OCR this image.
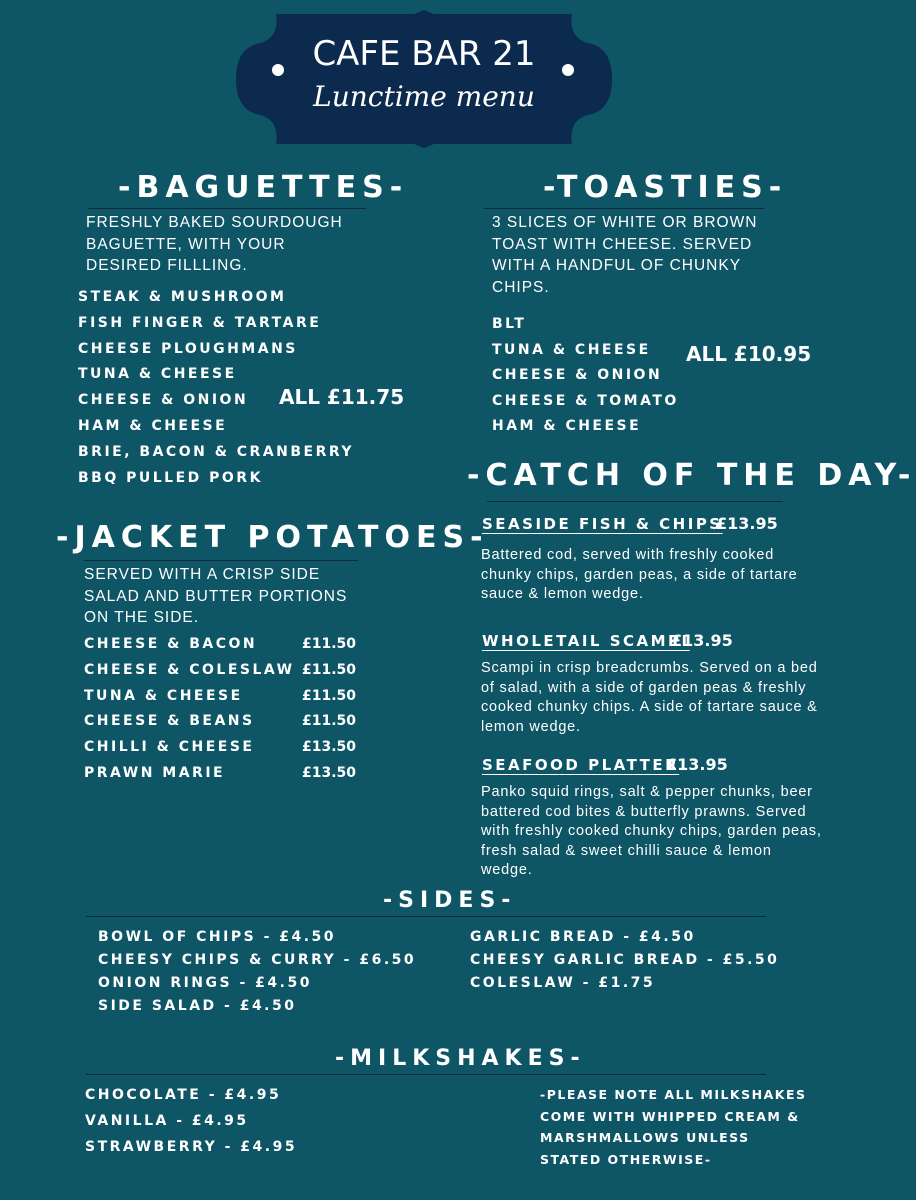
CAFE BAR 21
Lunctime menu
-BAGUETTES-
FRESHLY BAKED SOURDOUGH BAGUETTE, WITH YOUR DESIRED FILLLING.
STEAK & MUSHROOM
FISH FINGER & TARTARE
CHEESE PLOUGHMANS
TUNA & CHEESE
CHEESE & ONION
HAM & CHEESE
BRIE, BACON & CRANBERRY
BBQ PULLED PORK
ALL £11.75
-TOASTIES-
3 SLICES OF WHITE OR BROWN TOAST WITH CHEESE. SERVED WITH A HANDFUL OF CHUNKY CHIPS.
BLT
TUNA & CHEESE
CHEESE & ONION
CHEESE & TOMATO
HAM & CHEESE
ALL £10.95
-CATCH OF THE DAY-
SEASIDE FISH & CHIPS
£13.95
Battered cod, served with freshly cooked chunky chips, garden peas, a side of tartare sauce & lemon wedge.
WHOLETAIL SCAMPI
£13.95
Scampi in crisp breadcrumbs. Served on a bed of salad, with a side of garden peas & freshly cooked chunky chips. A side of tartare sauce & lemon wedge.
SEAFOOD PLATTER
£13.95
Panko squid rings, salt & pepper chunks, beer battered cod bites & butterfly prawns. Served with freshly cooked chunky chips, garden peas, fresh salad & sweet chilli sauce & lemon wedge.
-JACKET POTATOES-
SERVED WITH A CRISP SIDE SALAD AND BUTTER PORTIONS ON THE SIDE.
CHEESE & BACON	£11.50
CHEESE & COLESLAW £11.50
TUNA & CHEESE	£11.50
CHEESE & BEANS	£11.50
CHILLI & CHEESE	£13.50
PRAWN MARIE	£13.50
-SIDES-
BOWL OF CHIPS - £4.50
CHEESY CHIPS & CURRY - £6.50
ONION RINGS - £4.50
SIDE SALAD - £4.50
GARLIC BREAD - £4.50
CHEESY GARLIC BREAD - £5.50
COLESLAW - £1.75
-MILKSHAKES-
CHOCOLATE - £4.95
VANILLA - £4.95
STRAWBERRY - £4.95
-PLEASE NOTE ALL MILKSHAKES COME WITH WHIPPED CREAM & MARSHMALLOWS UNLESS STATED OTHERWISE-
